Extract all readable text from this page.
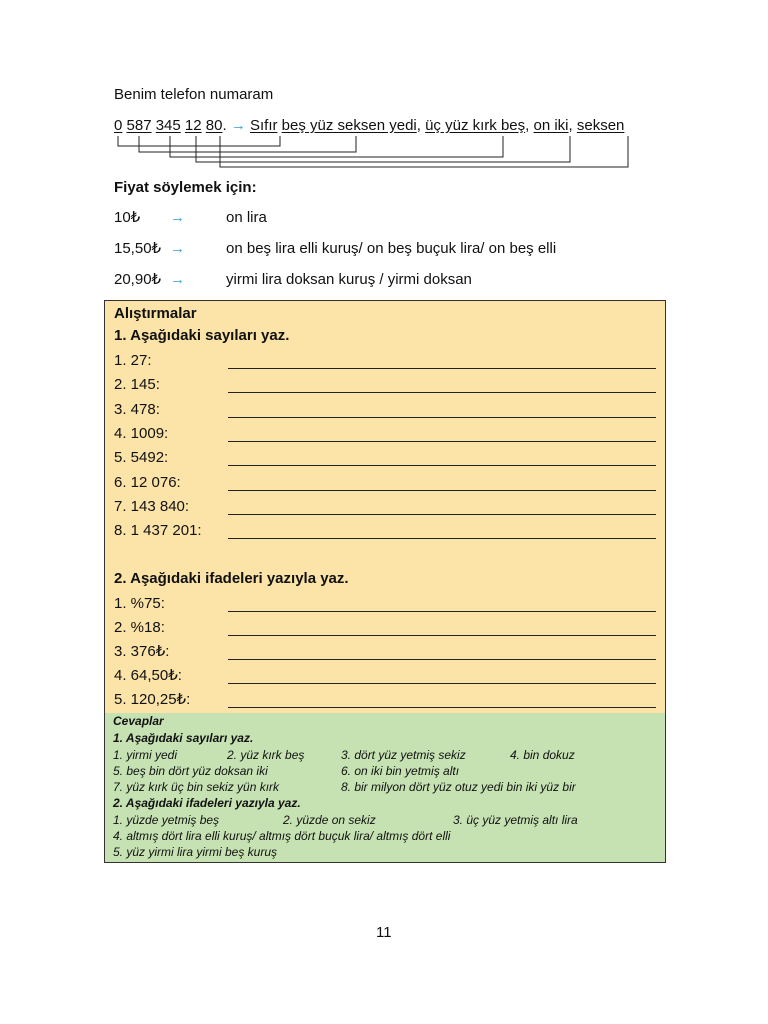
Benim telefon numaram
0 587 345 12 80. → Sıfır beş yüz seksen yedi, üç yüz kırk beş, on iki, seksen
Fiyat söylemek için:
10₺ →	on lira
15,50₺ →	on beş lira elli kuruş/ on beş buçuk lira/ on beş elli
20,90₺ →	yirmi lira doksan kuruş / yirmi doksan
Alıştırmalar
1. Aşağıdaki sayıları yaz.
1. 27:
2. 145:
3. 478:
4. 1009:
5. 5492:
6. 12 076:
7. 143 840:
8. 1 437 201:
2. Aşağıdaki ifadeleri yazıyla yaz.
1. %75:
2. %18:
3. 376₺:
4. 64,50₺:
5. 120,25₺:
Cevaplar
1. Aşağıdaki sayıları yaz.
1. yirmi yedi	2. yüz kırk beş	3. dört yüz yetmiş sekiz	4. bin dokuz
5. beş bin dört yüz doksan iki	6. on iki bin yetmiş altı
7. yüz kırk üç bin sekiz yün kırk	8. bir milyon dört yüz otuz yedi bin iki yüz bir
2. Aşağıdaki ifadeleri yazıyla yaz.
1. yüzde yetmiş beş	2. yüzde on sekiz	3. üç yüz yetmiş altı lira
4. altmış dört lira elli kuruş/ altmış dört buçuk lira/ altmış dört elli
5. yüz yirmi lira yirmi beş kuruş
11
